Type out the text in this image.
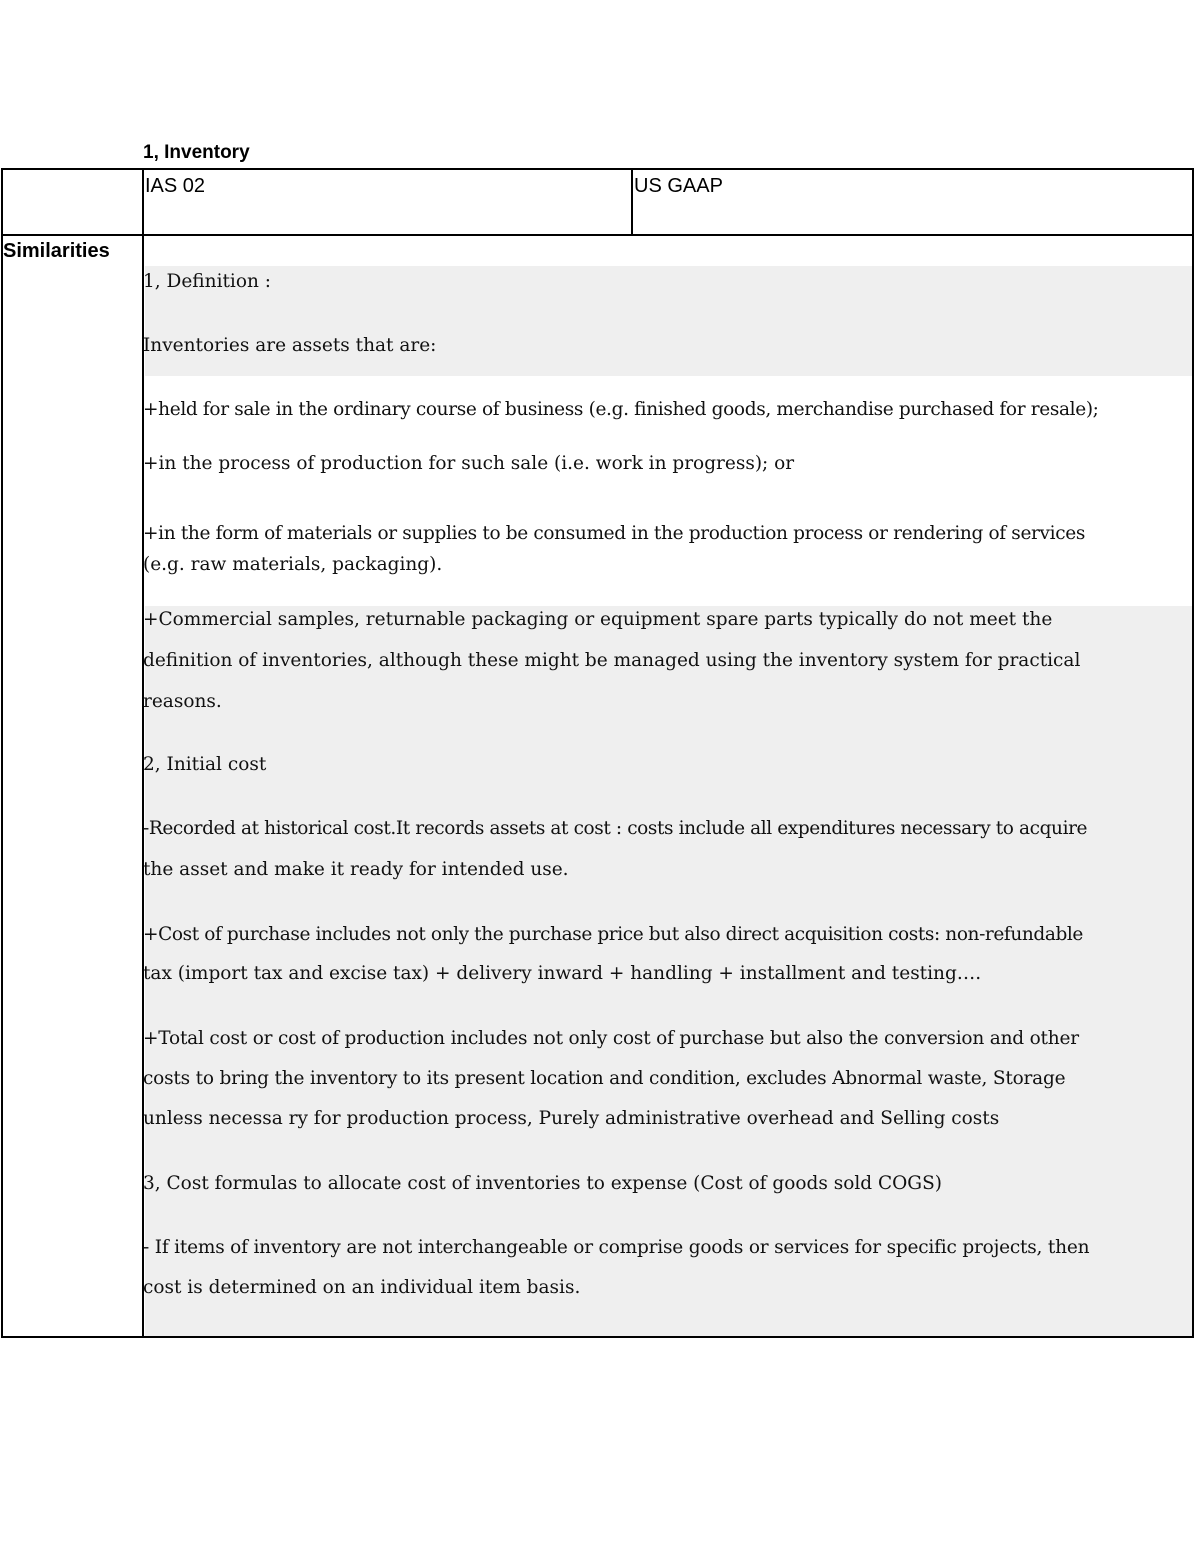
1, Inventory
IAS 02	US GAAP
Similarities
1, Definition :
Inventories are assets that are:
+held for sale in the ordinary course of business (e.g. finished goods, merchandise purchased for resale);
+in the process of production for such sale (i.e. work in progress); or
+in the form of materials or supplies to be consumed in the production process or rendering of services
(e.g. raw materials, packaging).
+Commercial samples, returnable packaging or equipment spare parts typically do not meet the
definition of inventories, although these might be managed using the inventory system for practical
reasons.
2, Initial cost
-Recorded at historical cost.It records assets at cost : costs include all expenditures necessary to acquire
the asset and make it ready for intended use.
+Cost of purchase includes not only the purchase price but also direct acquisition costs: non-refundable
tax (import tax and excise tax) + delivery inward + handling + installment and testing….
+Total cost or cost of production includes not only cost of purchase but also the conversion and other
costs to bring the inventory to its present location and condition, excludes Abnormal waste, Storage
unless necessa ry for production process, Purely administrative overhead and Selling costs
3, Cost formulas to allocate cost of inventories to expense (Cost of goods sold COGS)
- If items of inventory are not interchangeable or comprise goods or services for specific projects, then
cost is determined on an individual item basis.
